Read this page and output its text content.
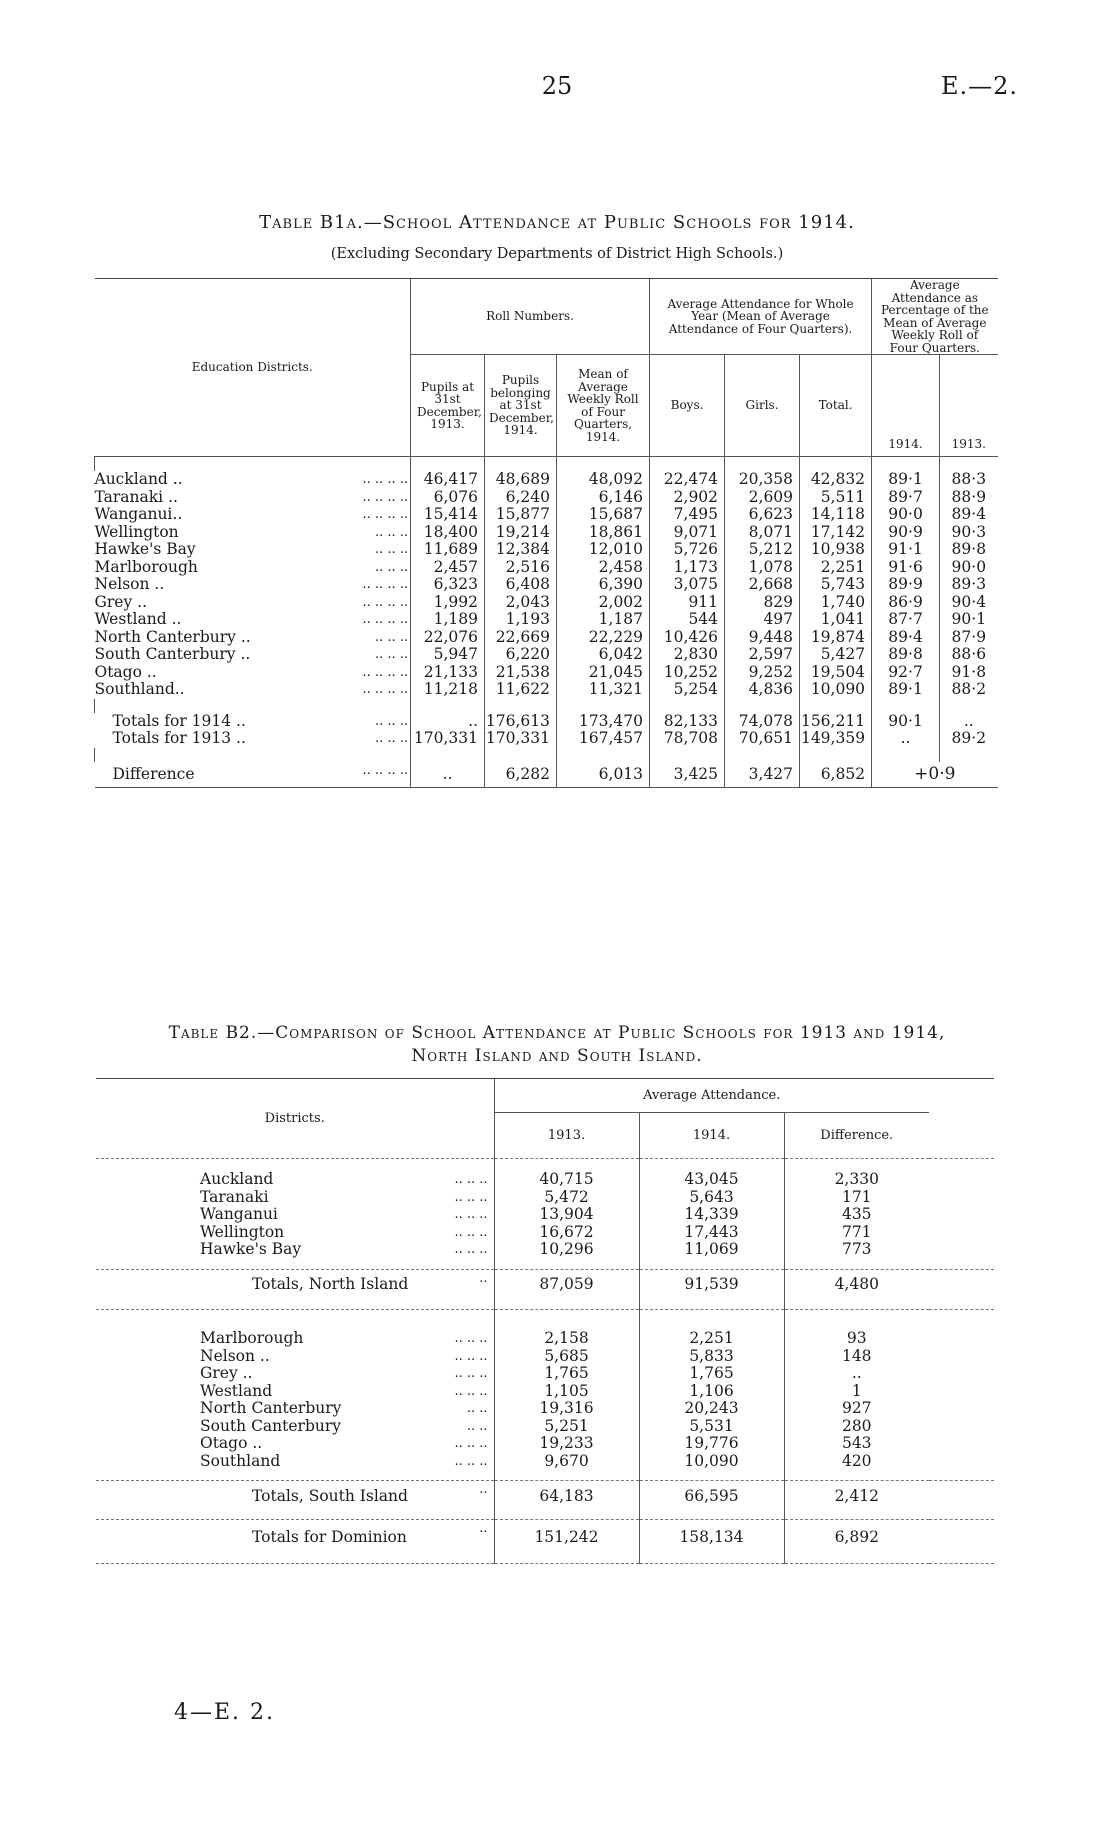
25	E.—2.
Table B1a.—School Attendance at Public Schools for 1914.
(Excluding Secondary Departments of District High Schools.)
Education Districts.	Roll Numbers.			Average Attendance for Whole Year (Mean of Average Attendance of Four Quarters).			Average Attendance as Percentage of the Mean of Average Weekly Roll of Four Quarters.	
	Pupils at 31st December, 1913.	Pupils belonging at 31st December, 1914.	Mean of Average Weekly Roll of Four Quarters, 1914.	Boys.	Girls.	Total.	1914.	1913.

Auckland .. .. .. .. ..	46,417	48,689	48,092	22,474	20,358	42,832	89·1	88·3
Taranaki .. .. .. .. ..	6,076	6,240	6,146	2,902	2,609	5,511	89·7	88·9
Wanganui.. .. .. .. ..	15,414	15,877	15,687	7,495	6,623	14,118	90·0	89·4
Wellington .. .. ..	18,400	19,214	18,861	9,071	8,071	17,142	90·9	90·3
Hawke's Bay .. .. ..	11,689	12,384	12,010	5,726	5,212	10,938	91·1	89·8
Marlborough .. .. ..	2,457	2,516	2,458	1,173	1,078	2,251	91·6	90·0
Nelson .. .. .. .. ..	6,323	6,408	6,390	3,075	2,668	5,743	89·9	89·3
Grey .. .. .. .. ..	1,992	2,043	2,002	911	829	1,740	86·9	90·4
Westland .. .. .. .. ..	1,189	1,193	1,187	544	497	1,041	87·7	90·1
North Canterbury .. .. .. ..	22,076	22,669	22,229	10,426	9,448	19,874	89·4	87·9
South Canterbury .. .. .. ..	5,947	6,220	6,042	2,830	2,597	5,427	89·8	88·6
Otago .. .. .. .. ..	21,133	21,538	21,045	10,252	9,252	19,504	92·7	91·8
Southland.. .. .. .. ..	11,218	11,622	11,321	5,254	4,836	10,090	89·1	88·2

Totals for 1914 .. .. .. ..	..	176,613	173,470	82,133	74,078	156,211	90·1	..
Totals for 1913 .. .. .. ..	170,331	170,331	167,457	78,708	70,651	149,359	..	89·2

Difference .. .. .. ..	..	6,282	6,013	3,425	3,427	6,852	+0·9	

Table B2.—Comparison of School Attendance at Public Schools for 1913 and 1914,
North Island and South Island.
Districts.	Average Attendance.			
	1913.	1914.	Difference.	

Auckland .. .. ..	40,715	43,045	2,330	
Taranaki .. .. ..	5,472	5,643	171	
Wanganui .. .. ..	13,904	14,339	435	
Wellington .. .. ..	16,672	17,443	771	
Hawke's Bay .. .. ..	10,296	11,069	773	

Totals, North Island ..	87,059	91,539	4,480	

Marlborough .. .. ..	2,158	2,251	93	
Nelson .. .. .. ..	5,685	5,833	148	
Grey .. .. .. ..	1,765	1,765	..	
Westland .. .. ..	1,105	1,106	1	
North Canterbury .. ..	19,316	20,243	927	
South Canterbury .. ..	5,251	5,531	280	
Otago .. .. .. ..	19,233	19,776	543	
Southland .. .. ..	9,670	10,090	420	

Totals, South Island ..	64,183	66,595	2,412	

Totals for Dominion ..	151,242	158,134	6,892	

4—E. 2.
